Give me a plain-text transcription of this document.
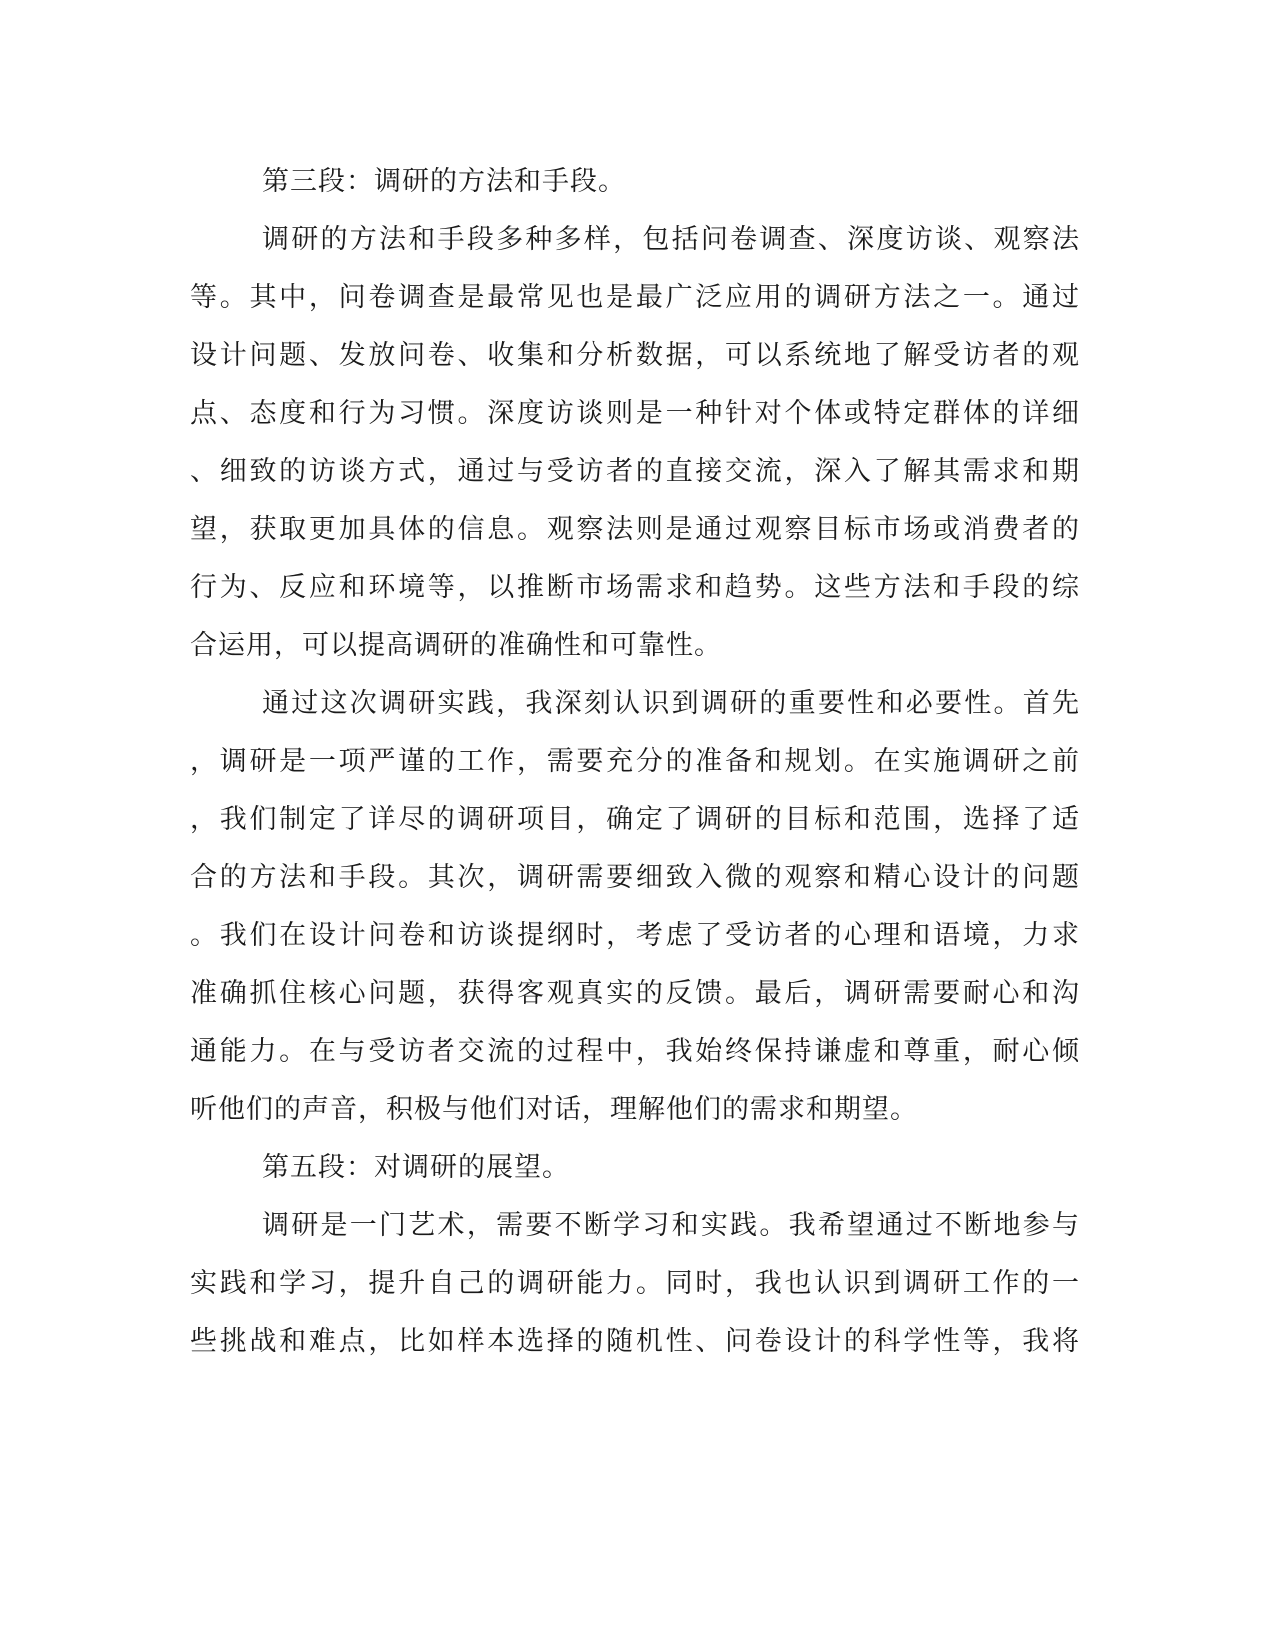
第三段：调研的方法和手段。

调研的方法和手段多种多样，包括问卷调查、深度访谈、观察法

等。其中，问卷调查是最常见也是最广泛应用的调研方法之一。通过

设计问题、发放问卷、收集和分析数据，可以系统地了解受访者的观

点、态度和行为习惯。深度访谈则是一种针对个体或特定群体的详细

、细致的访谈方式，通过与受访者的直接交流，深入了解其需求和期

望，获取更加具体的信息。观察法则是通过观察目标市场或消费者的

行为、反应和环境等，以推断市场需求和趋势。这些方法和手段的综

合运用，可以提高调研的准确性和可靠性。

通过这次调研实践，我深刻认识到调研的重要性和必要性。首先

，调研是一项严谨的工作，需要充分的准备和规划。在实施调研之前

，我们制定了详尽的调研项目，确定了调研的目标和范围，选择了适

合的方法和手段。其次，调研需要细致入微的观察和精心设计的问题

。我们在设计问卷和访谈提纲时，考虑了受访者的心理和语境，力求

准确抓住核心问题，获得客观真实的反馈。最后，调研需要耐心和沟

通能力。在与受访者交流的过程中，我始终保持谦虚和尊重，耐心倾

听他们的声音，积极与他们对话，理解他们的需求和期望。

第五段：对调研的展望。

调研是一门艺术，需要不断学习和实践。我希望通过不断地参与

实践和学习，提升自己的调研能力。同时，我也认识到调研工作的一

些挑战和难点，比如样本选择的随机性、问卷设计的科学性等，我将
